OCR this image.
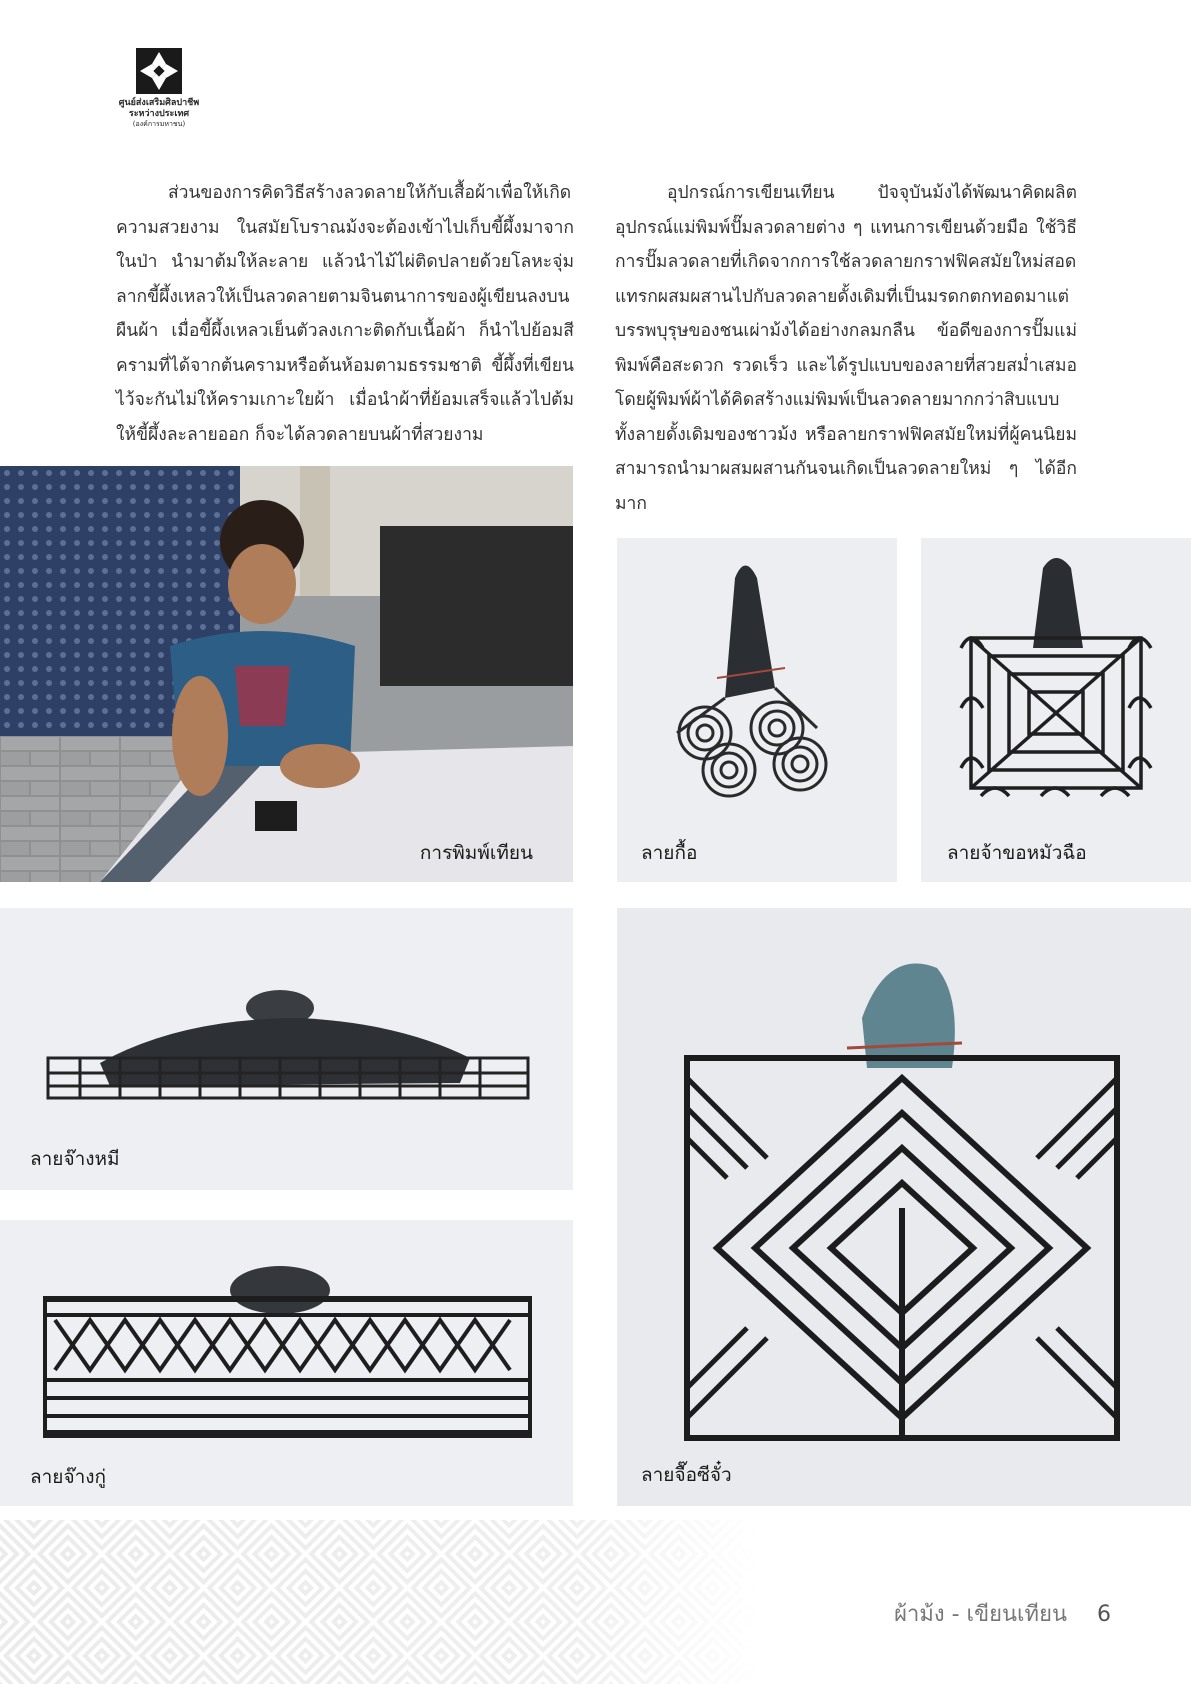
ศูนย์ส่งเสริมศิลปาชีพ
ระหว่างประเทศ
(องค์การมหาชน)
ส่วนของการคิดวิธีสร้างลวดลายให้กับเสื้อผ้าเพื่อให้เกิดความสวยงาม ในสมัยโบราณม้งจะต้องเข้าไปเก็บขี้ผึ้งมาจากในป่า นำมาต้มให้ละลาย แล้วนำไม้ไผ่ติดปลายด้วยโลหะจุ่มลากขี้ผึ้งเหลวให้เป็นลวดลายตามจินตนาการของผู้เขียนลงบนผืนผ้า เมื่อขี้ผึ้งเหลวเย็นตัวลงเกาะติดกับเนื้อผ้า ก็นำไปย้อมสีครามที่ได้จากต้นครามหรือต้นห้อมตามธรรมชาติ ขี้ผึ้งที่เขียนไว้จะกันไม่ให้ครามเกาะใยผ้า เมื่อนำผ้าที่ย้อมเสร็จแล้วไปต้มให้ขี้ผึ้งละลายออก ก็จะได้ลวดลายบนผ้าที่สวยงาม
อุปกรณ์การเขียนเทียน ปัจจุบันม้งได้พัฒนาคิดผลิตอุปกรณ์แม่พิมพ์ปั๊มลวดลายต่าง ๆ แทนการเขียนด้วยมือ ใช้วิธีการปั๊มลวดลายที่เกิดจากการใช้ลวดลายกราฟฟิคสมัยใหม่สอดแทรกผสมผสานไปกับลวดลายดั้งเดิมที่เป็นมรดกตกทอดมาแต่บรรพบุรุษของชนเผ่าม้งได้อย่างกลมกลืน ข้อดีของการปั๊มแม่พิมพ์คือสะดวก รวดเร็ว และได้รูปแบบของลายที่สวยสม่ำเสมอ โดยผู้พิมพ์ผ้าได้คิดสร้างแม่พิมพ์เป็นลวดลายมากกว่าสิบแบบ ทั้งลายดั้งเดิมของชาวม้ง หรือลายกราฟฟิคสมัยใหม่ที่ผู้คนนิยม สามารถนำมาผสมผสานกันจนเกิดเป็นลวดลายใหม่ ๆ ได้อีกมาก
การพิมพ์เทียน	ลายกื้อ	ลายจ้าขอหมัวฉือ
ลายจ๊างหมี
ลายจ๊างกู่	ลายจื๊อซีจั๋ว
ผ้าม้ง - เขียนเทียน 6
